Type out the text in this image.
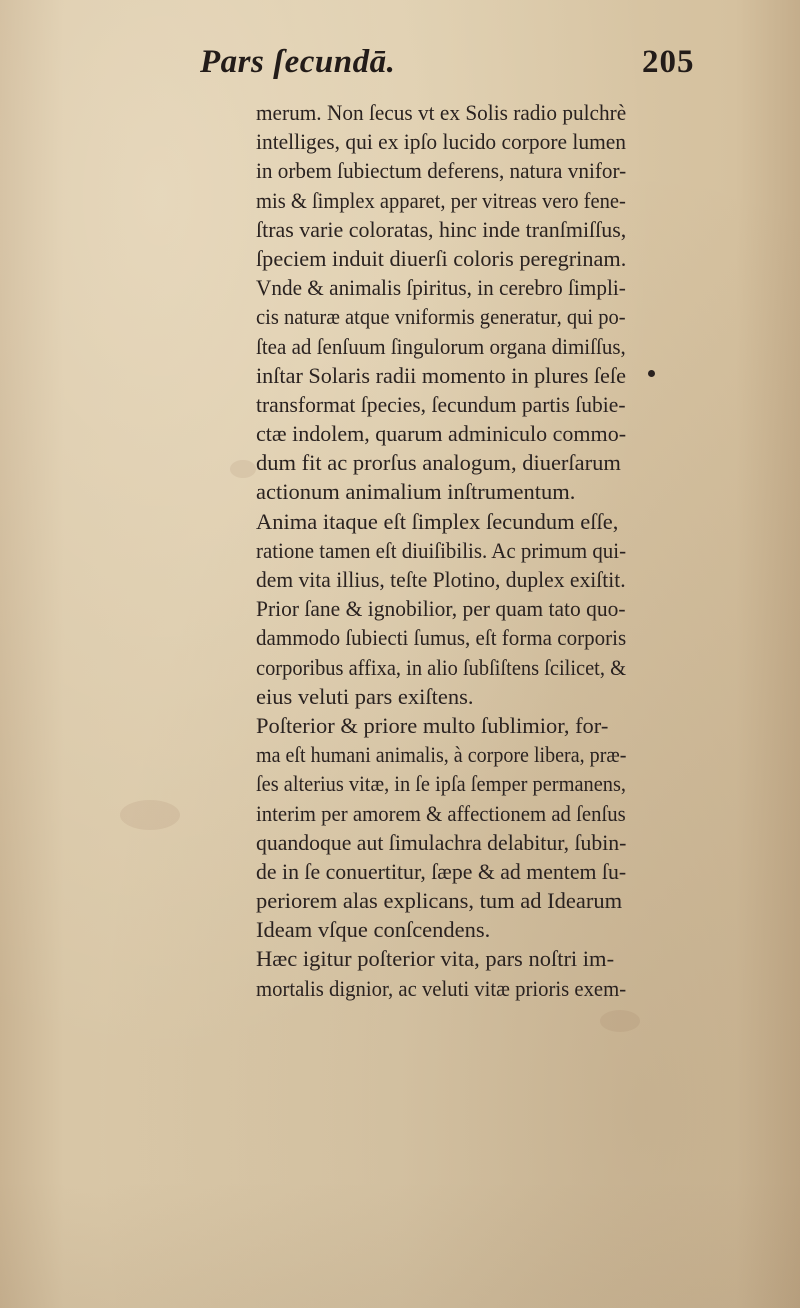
Pars ſecundā.	205
merum. Non ſecus vt ex Solis radio pulchrè
intelliges, qui ex ipſo lucido corpore lumen
in orbem ſubiectum deferens, natura vnifor-
mis & ſimplex apparet, per vitreas vero fene-
ſtras varie coloratas, hinc inde tranſmiſſus,
ſpeciem induit diuerſi coloris peregrinam.
Vnde & animalis ſpiritus, in cerebro ſimpli-
cis naturæ atque vniformis generatur, qui po-
ſtea ad ſenſuum ſingulorum organa dimiſſus,
inſtar Solaris radii momento in plures ſeſe
transformat ſpecies, ſecundum partis ſubie-
ctæ indolem, quarum adminiculo commo-
dum fit ac prorſus analogum, diuerſarum
actionum animalium inſtrumentum.
Anima itaque eſt ſimplex ſecundum eſſe,
ratione tamen eſt diuiſibilis. Ac primum qui-
dem vita illius, teſte Plotino, duplex exiſtit.
Prior ſane & ignobilior, per quam tato quo-
dammodo ſubiecti ſumus, eſt forma corporis
corporibus affixa, in alio ſubſiſtens ſcilicet, &
eius veluti pars exiſtens.
Poſterior & priore multo ſublimior, for-
ma eſt humani animalis, à corpore libera, præ-
ſes alterius vitæ, in ſe ipſa ſemper permanens,
interim per amorem & affectionem ad ſenſus
quandoque aut ſimulachra delabitur, ſubin-
de in ſe conuertitur, ſæpe & ad mentem ſu-
periorem alas explicans, tum ad Idearum
Ideam vſque conſcendens.
Hæc igitur poſterior vita, pars noſtri im-
mortalis dignior, ac veluti vitæ prioris exem-
